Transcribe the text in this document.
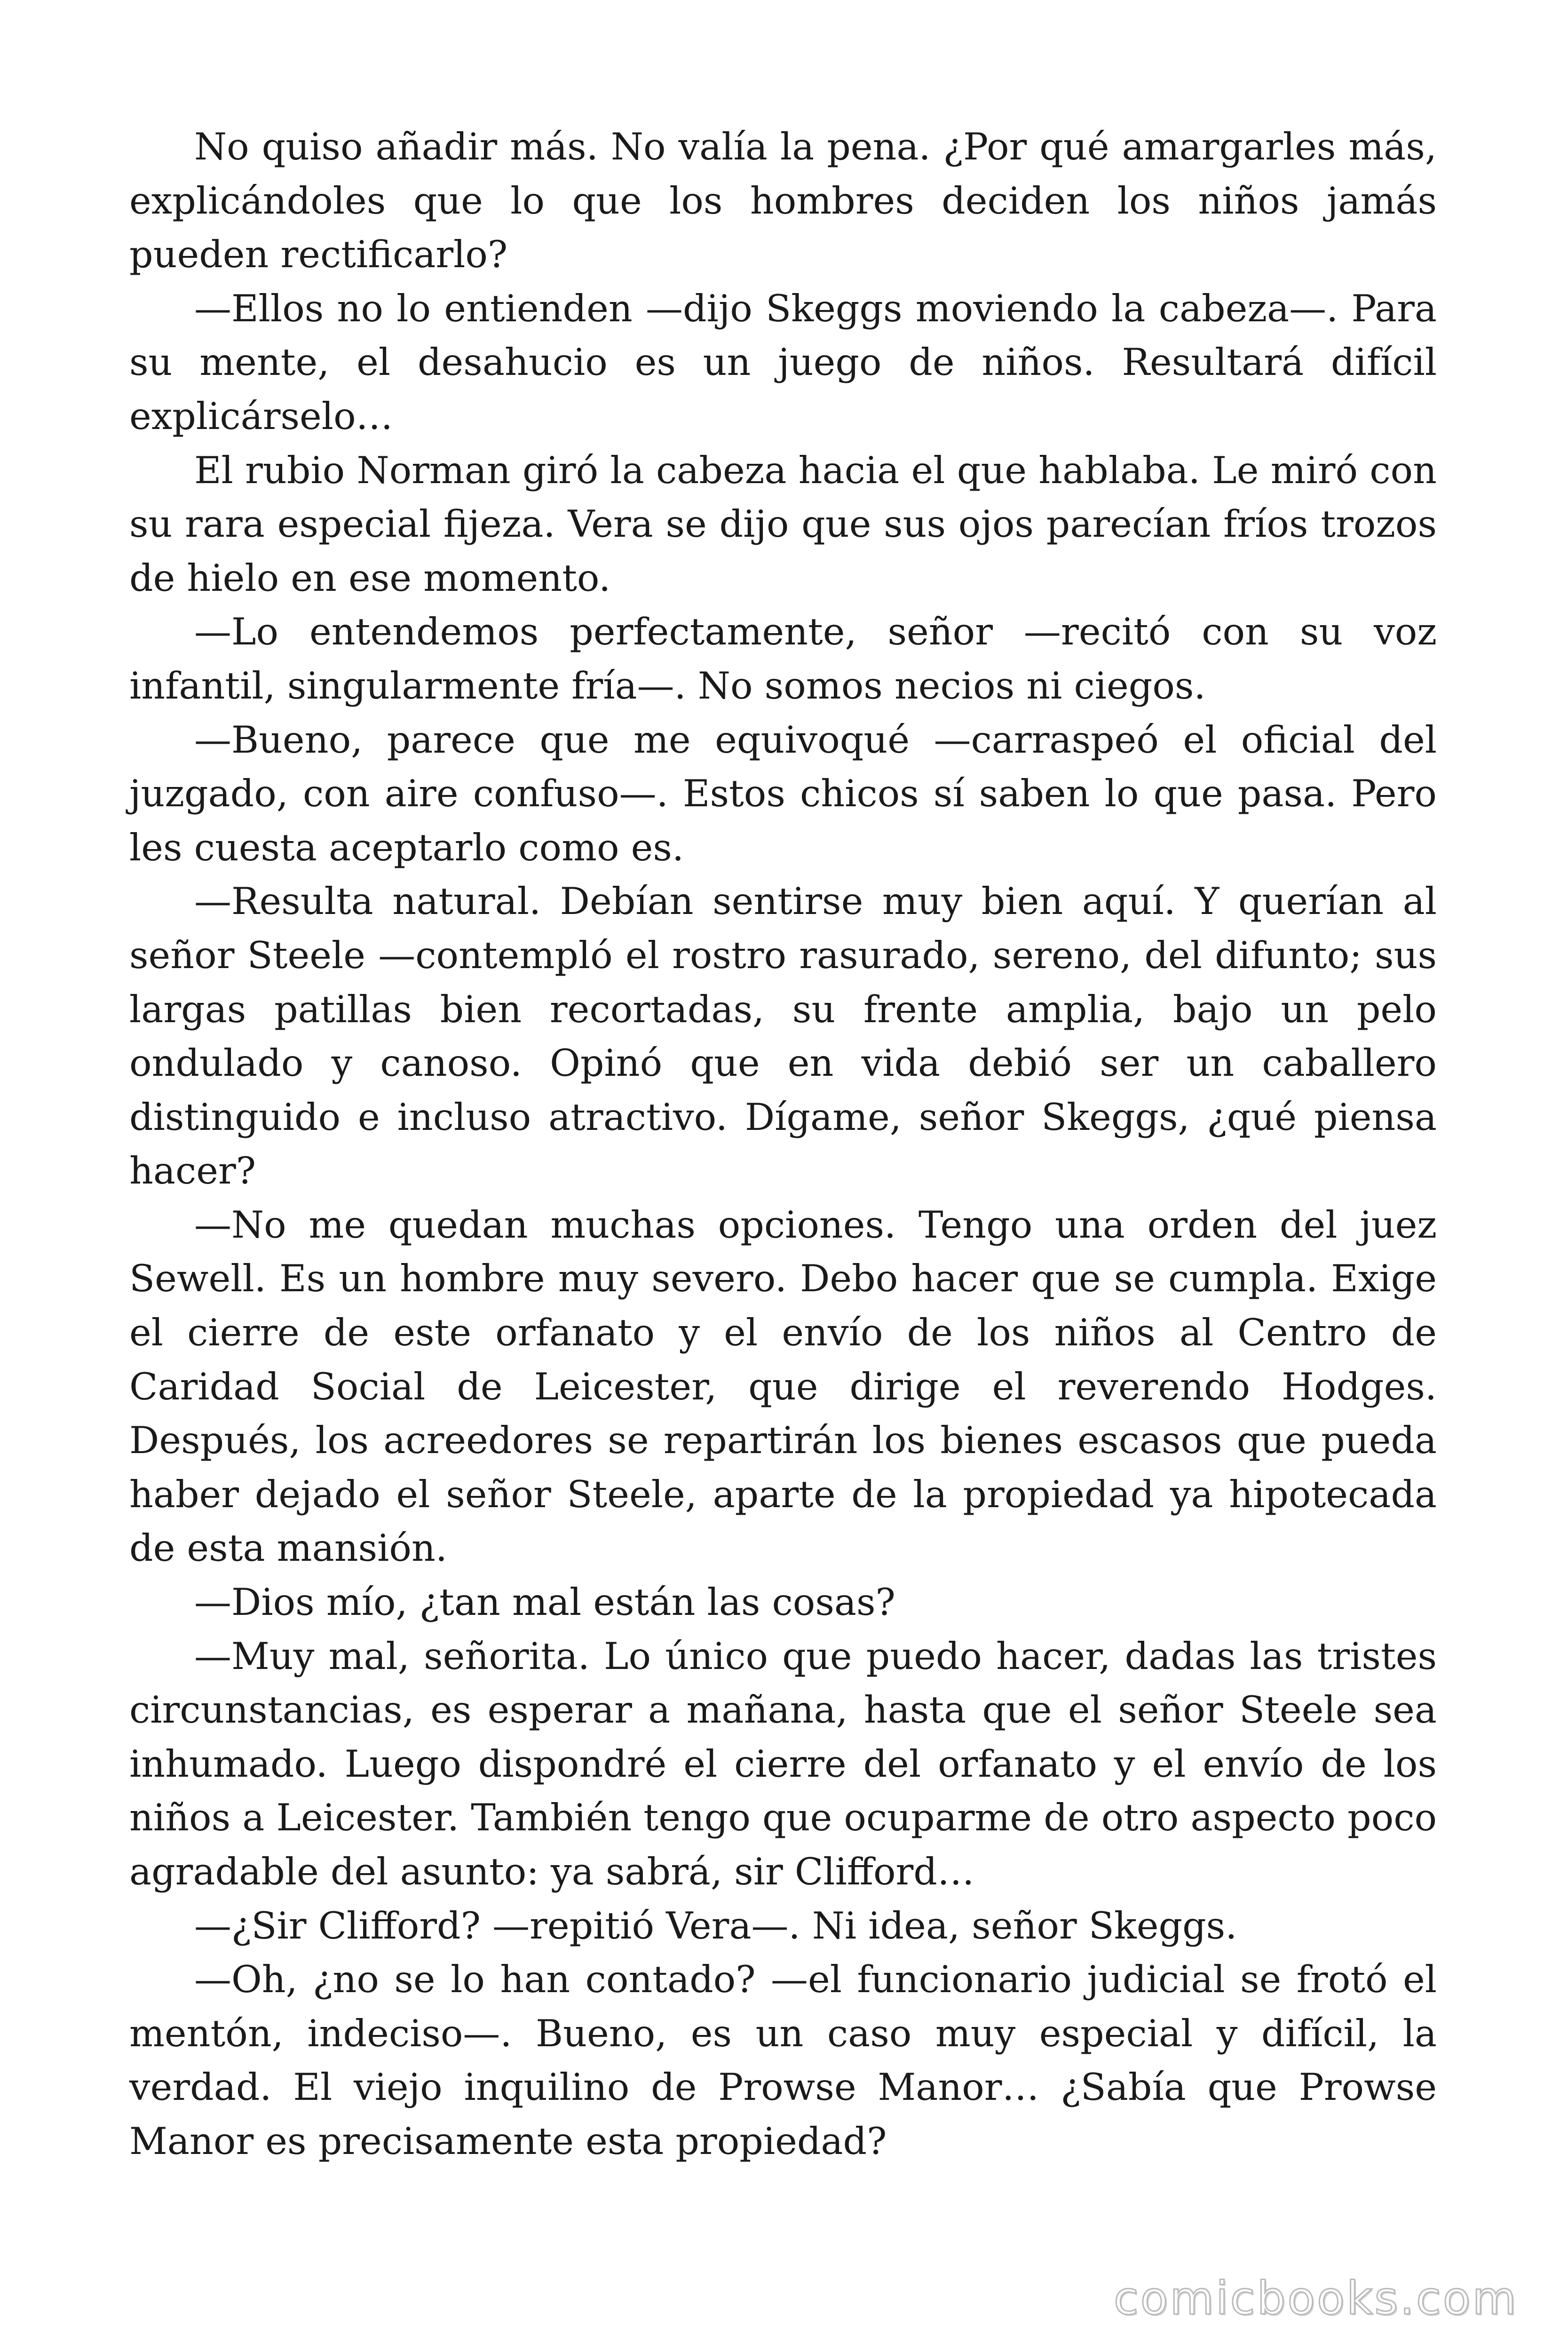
No quiso añadir más. No valía la pena. ¿Por qué amargarles más, explicándoles que lo que los hombres deciden los niños jamás pueden rectificarlo?

—Ellos no lo entienden —dijo Skeggs moviendo la cabeza—. Para su mente, el desahucio es un juego de niños. Resultará difícil explicárselo…

El rubio Norman giró la cabeza hacia el que hablaba. Le miró con su rara especial fijeza. Vera se dijo que sus ojos parecían fríos trozos de hielo en ese momento.

—Lo entendemos perfectamente, señor —recitó con su voz infantil, singularmente fría—. No somos necios ni ciegos.

—Bueno, parece que me equivoqué —carraspeó el oficial del juzgado, con aire confuso—. Estos chicos sí saben lo que pasa. Pero les cuesta aceptarlo como es.

—Resulta natural. Debían sentirse muy bien aquí. Y querían al señor Steele —contempló el rostro rasurado, sereno, del difunto; sus largas patillas bien recortadas, su frente amplia, bajo un pelo ondulado y canoso. Opinó que en vida debió ser un caballero distinguido e incluso atractivo. Dígame, señor Skeggs, ¿qué piensa hacer?

—No me quedan muchas opciones. Tengo una orden del juez Sewell. Es un hombre muy severo. Debo hacer que se cumpla. Exige el cierre de este orfanato y el envío de los niños al Centro de Caridad Social de Leicester, que dirige el reverendo Hodges. Después, los acreedores se repartirán los bienes escasos que pueda haber dejado el señor Steele, aparte de la propiedad ya hipotecada de esta mansión.

—Dios mío, ¿tan mal están las cosas?

—Muy mal, señorita. Lo único que puedo hacer, dadas las tristes circunstancias, es esperar a mañana, hasta que el señor Steele sea inhumado. Luego dispondré el cierre del orfanato y el envío de los niños a Leicester. También tengo que ocuparme de otro aspecto poco agradable del asunto: ya sabrá, sir Clifford…

—¿Sir Clifford? —repitió Vera—. Ni idea, señor Skeggs.

—Oh, ¿no se lo han contado? —el funcionario judicial se frotó el mentón, indeciso—. Bueno, es un caso muy especial y difícil, la verdad. El viejo inquilino de Prowse Manor… ¿Sabía que Prowse Manor es precisamente esta propiedad?

comicbooks.com
